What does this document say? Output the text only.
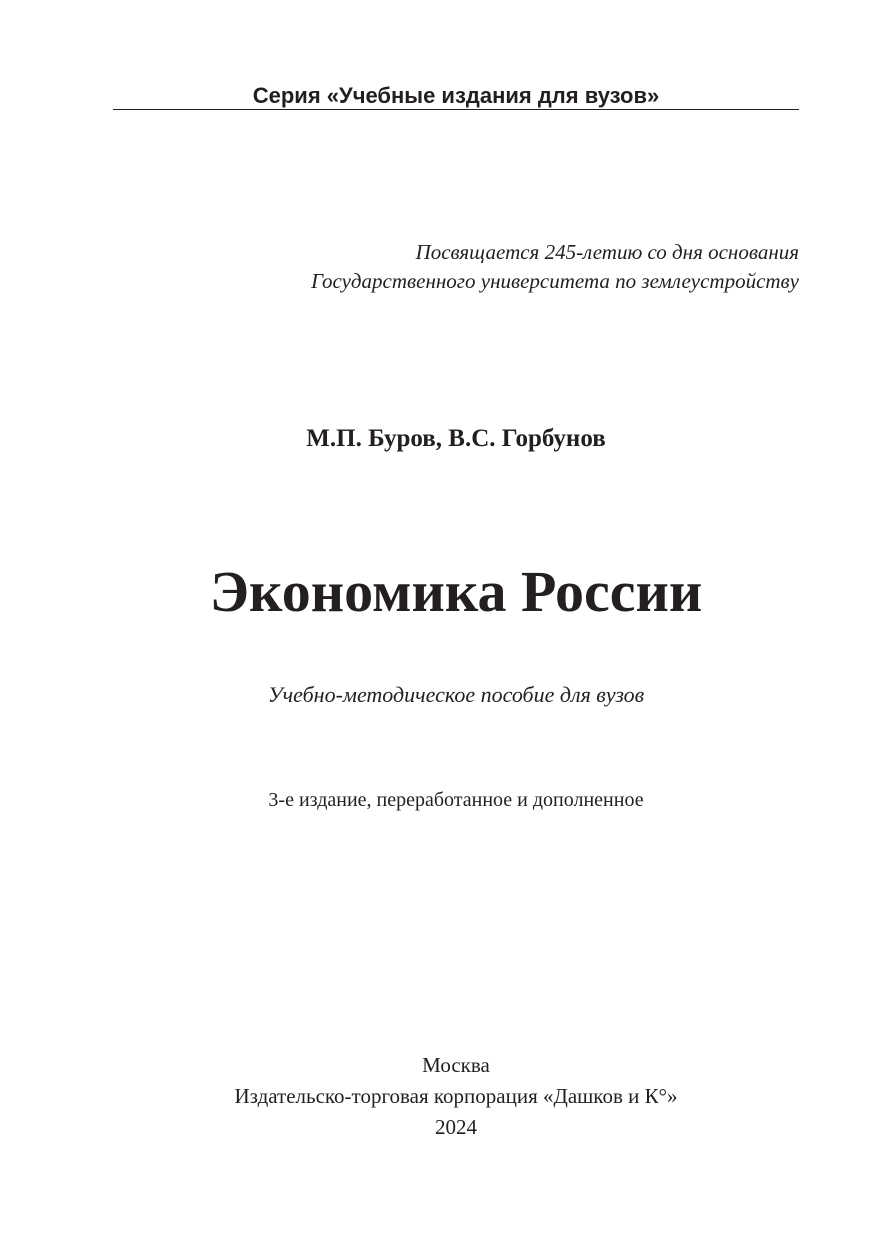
Серия «Учебные издания для вузов»
Посвящается 245-летию со дня основания
Государственного университета по землеустройству
М.П. Буров, В.С. Горбунов
Экономика России
Учебно-методическое пособие для вузов
3-е издание, переработанное и дополненное
Москва
Издательско-торговая корпорация «Дашков и К°»
2024
